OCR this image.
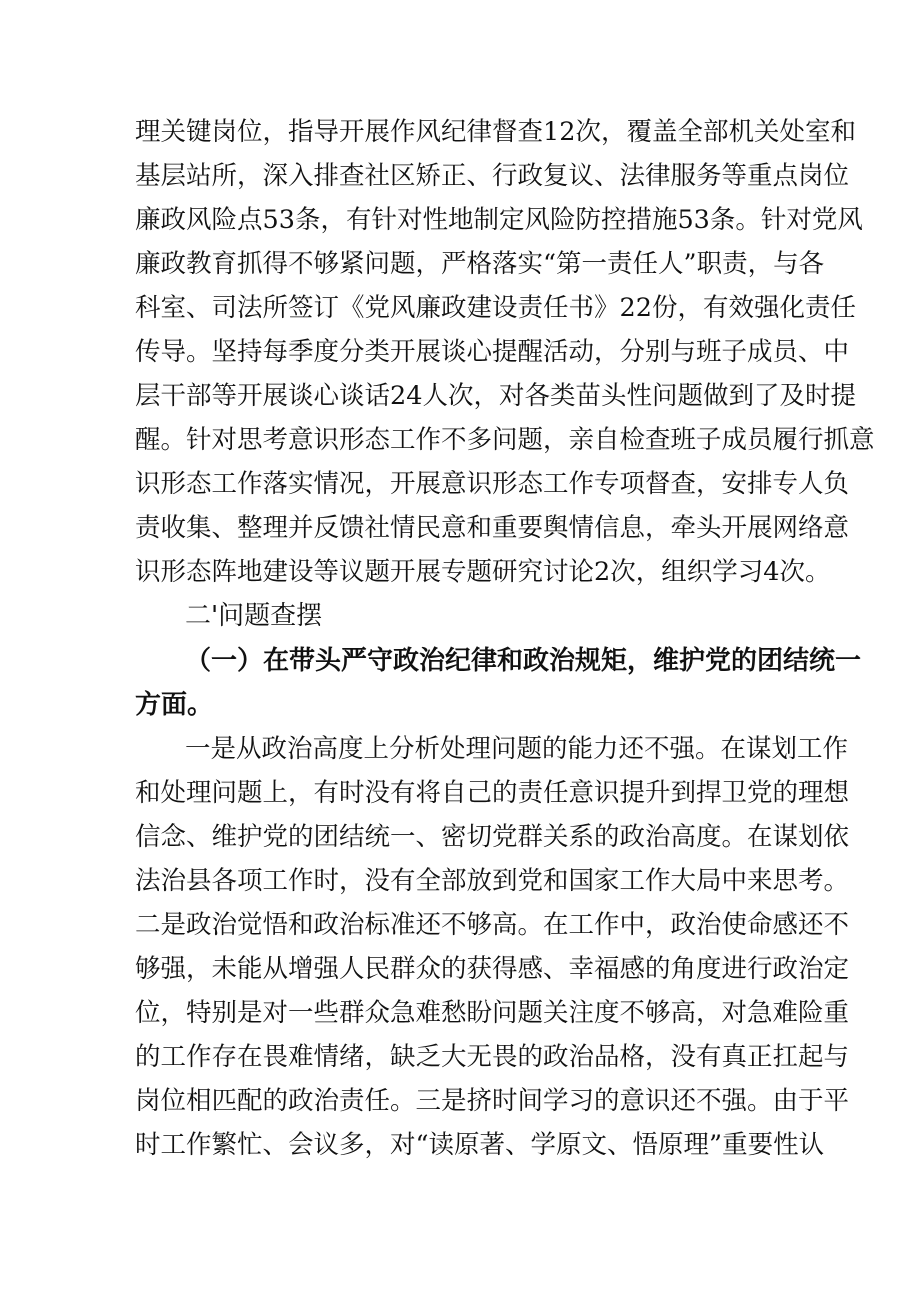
理关键岗位，指导开展作风纪律督查12次，覆盖全部机关处室和
基层站所，深入排查社区矫正、行政复议、法律服务等重点岗位
廉政风险点53条，有针对性地制定风险防控措施53条。针对党风
廉政教育抓得不够紧问题，严格落实“第一责任人”职责，与各
科室、司法所签订《党风廉政建设责任书》22份，有效强化责任
传导。坚持每季度分类开展谈心提醒活动，分别与班子成员、中
层干部等开展谈心谈话24人次，对各类苗头性问题做到了及时提
醒。针对思考意识形态工作不多问题，亲自检查班子成员履行抓意
识形态工作落实情况，开展意识形态工作专项督查，安排专人负
责收集、整理并反馈社情民意和重要舆情信息，牵头开展网络意
识形态阵地建设等议题开展专题研究讨论2次，组织学习4次。
二'问题查摆
（一）在带头严守政治纪律和政治规矩，维护党的团结统一
方面。
一是从政治高度上分析处理问题的能力还不强。在谋划工作
和处理问题上，有时没有将自己的责任意识提升到捍卫党的理想
信念、维护党的团结统一、密切党群关系的政治高度。在谋划依
法治县各项工作时，没有全部放到党和国家工作大局中来思考。
二是政治觉悟和政治标准还不够高。在工作中，政治使命感还不
够强，未能从增强人民群众的获得感、幸福感的角度进行政治定
位，特别是对一些群众急难愁盼问题关注度不够高，对急难险重
的工作存在畏难情绪，缺乏大无畏的政治品格，没有真正扛起与
岗位相匹配的政治责任。三是挤时间学习的意识还不强。由于平
时工作繁忙、会议多，对“读原著、学原文、悟原理”重要性认
